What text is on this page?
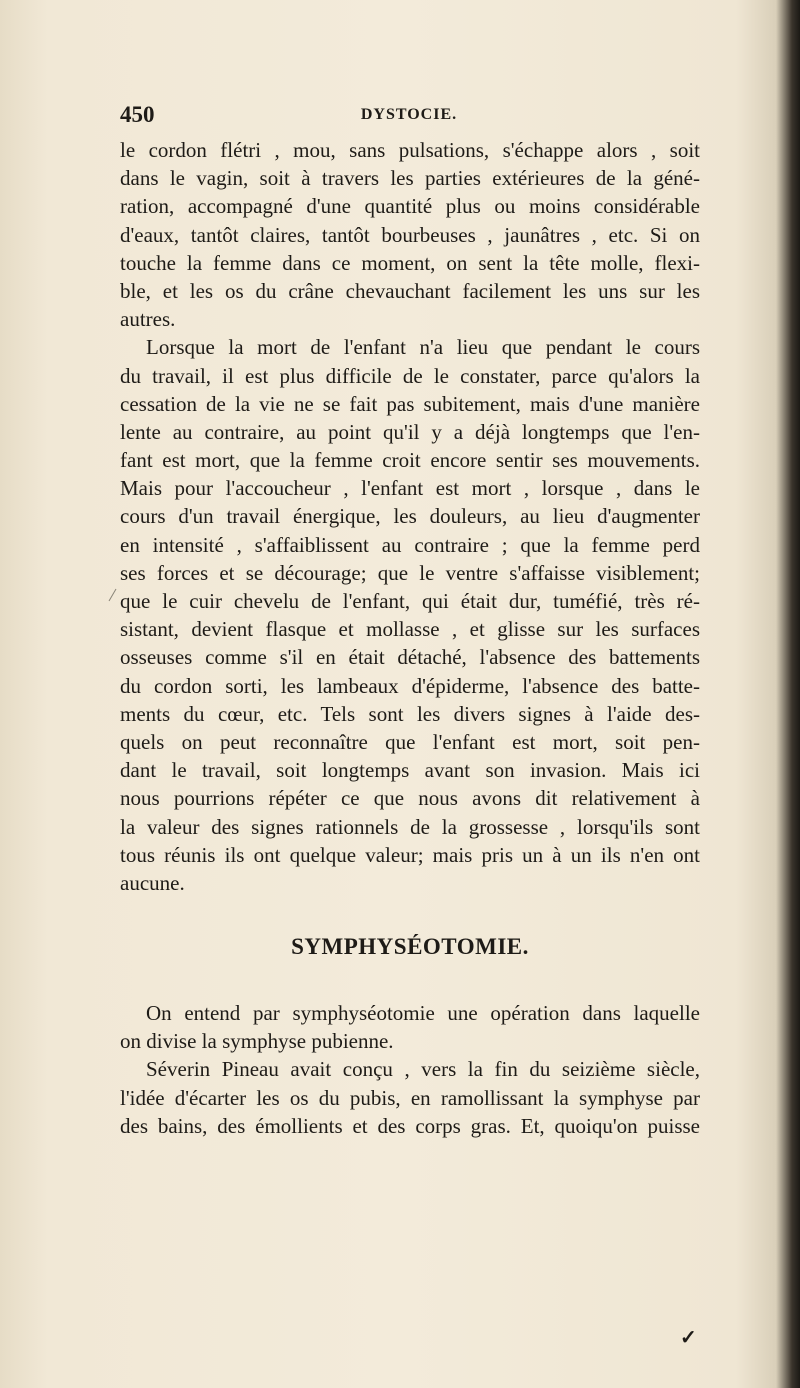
450	DYSTOCIE.
le cordon flétri , mou, sans pulsations, s'échappe alors , soit
dans le vagin, soit à travers les parties extérieures de la géné-
ration, accompagné d'une quantité plus ou moins considérable
d'eaux, tantôt claires, tantôt bourbeuses , jaunâtres , etc. Si on
touche la femme dans ce moment, on sent la tête molle, flexi-
ble, et les os du crâne chevauchant facilement les uns sur les
autres.
Lorsque la mort de l'enfant n'a lieu que pendant le cours
du travail, il est plus difficile de le constater, parce qu'alors la
cessation de la vie ne se fait pas subitement, mais d'une manière
lente au contraire, au point qu'il y a déjà longtemps que l'en-
fant est mort, que la femme croit encore sentir ses mouvements.
Mais pour l'accoucheur , l'enfant est mort , lorsque , dans le
cours d'un travail énergique, les douleurs, au lieu d'augmenter
en intensité , s'affaiblissent au contraire ; que la femme perd
ses forces et se décourage; que le ventre s'affaisse visiblement;
que le cuir chevelu de l'enfant, qui était dur, tuméfié, très ré-
sistant, devient flasque et mollasse , et glisse sur les surfaces
osseuses comme s'il en était détaché, l'absence des battements
du cordon sorti, les lambeaux d'épiderme, l'absence des batte-
ments du cœur, etc. Tels sont les divers signes à l'aide des-
quels on peut reconnaître que l'enfant est mort, soit pen-
dant le travail, soit longtemps avant son invasion. Mais ici
nous pourrions répéter ce que nous avons dit relativement à
la valeur des signes rationnels de la grossesse , lorsqu'ils sont
tous réunis ils ont quelque valeur; mais pris un à un ils n'en ont
aucune.
SYMPHYSÉOTOMIE.
On entend par symphyséotomie une opération dans laquelle
on divise la symphyse pubienne.
Séverin Pineau avait conçu , vers la fin du seizième siècle,
l'idée d'écarter les os du pubis, en ramollissant la symphyse par
des bains, des émollients et des corps gras. Et, quoiqu'on puisse
✓
